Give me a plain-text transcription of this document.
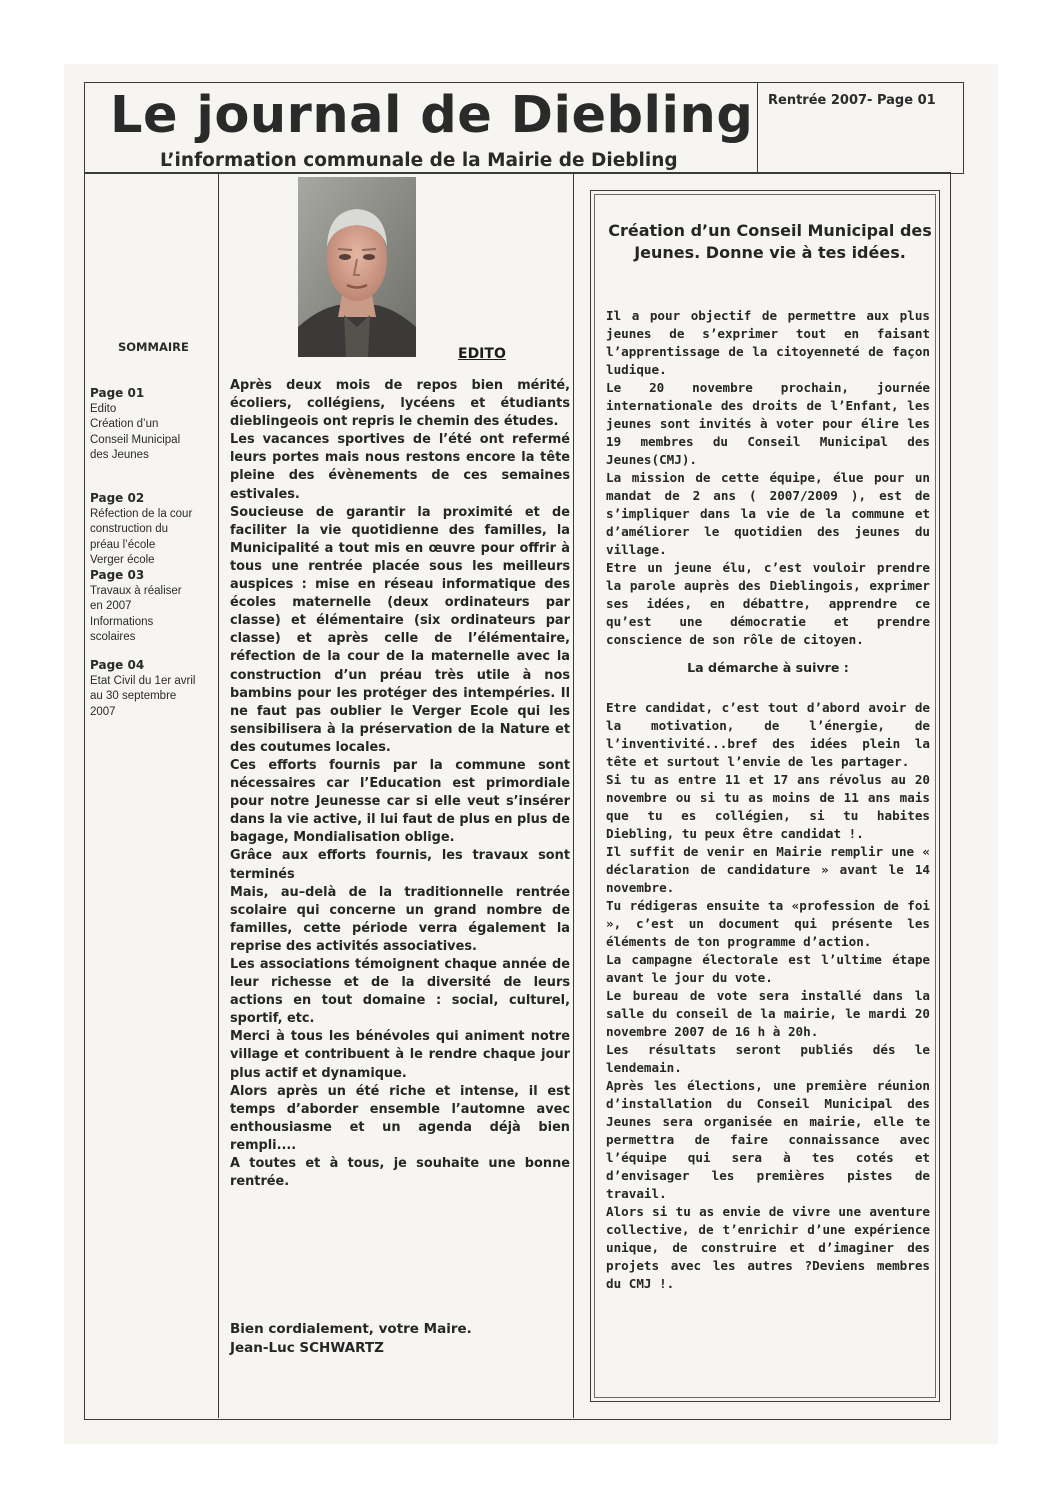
Le journal de Diebling
L’information communale de la Mairie de Diebling
Rentrée 2007- Page 01
SOMMAIRE
Page 01
Edito
Création d’un
Conseil Municipal
des Jeunes
Page 02
Réfection de la cour
construction du
préau l’école
Verger école
Page 03
Travaux à réaliser
en 2007
Informations
scolaires
Page 04
Etat Civil du 1er avril
au 30 septembre
2007
EDITO

Après deux mois de repos bien mérité, écoliers, collégiens, lycéens et étudiants dieblingeois ont repris le chemin des études.

Les vacances sportives de l’été ont refermé leurs portes mais nous restons encore la tête pleine des évènements de ces semaines estivales.

Soucieuse de garantir la proximité et de faciliter la vie quotidienne des familles, la Municipalité a tout mis en œuvre pour offrir à tous une rentrée placée sous les meilleurs auspices : mise en réseau informatique des écoles maternelle (deux ordinateurs par classe) et élémentaire (six ordinateurs par classe) et après celle de l’élémentaire, réfection de la cour de la maternelle avec la construction d’un préau très utile à nos bambins pour les protéger des intempéries. Il ne faut pas oublier le Verger Ecole qui les sensibilisera à la préservation de la Nature et des coutumes locales.

Ces efforts fournis par la commune sont nécessaires car l’Education est primordiale pour notre Jeunesse car si elle veut s’insérer dans la vie active, il lui faut de plus en plus de bagage, Mondialisation oblige.

Grâce aux efforts fournis, les travaux sont terminés

Mais, au–delà de la traditionnelle rentrée scolaire qui concerne un grand nombre de familles, cette période verra également la reprise des activités associatives.

Les associations témoignent chaque année de leur richesse et de la diversité de leurs actions en tout domaine : social, culturel, sportif, etc.

Merci à tous les bénévoles qui animent notre village et contribuent à le rendre chaque jour plus actif et dynamique.

Alors après un été riche et intense, il est temps d’aborder ensemble l’automne avec enthousiasme et un agenda déjà bien rempli....

A toutes et à tous, je souhaite une bonne rentrée.

Bien cordialement, votre Maire.

Jean-Luc SCHWARTZ

Création d’un Conseil Municipal des Jeunes. Donne vie à tes idées.

Il a pour objectif de permettre aux plus jeunes de s’exprimer tout en faisant l’apprentissage de la citoyenneté de façon ludique.

Le 20 novembre prochain, journée internationale des droits de l’Enfant, les jeunes sont invités à voter pour élire les 19 membres du Conseil Municipal des Jeunes(CMJ).

La mission de cette équipe, élue pour un mandat de 2 ans ( 2007/2009 ), est de s’impliquer dans la vie de la commune et d’améliorer le quotidien des jeunes du village.

Etre un jeune élu, c’est vouloir prendre la parole auprès des Dieblingois, exprimer ses idées, en débattre, apprendre ce qu’est une démocratie et prendre conscience de son rôle de citoyen.

La démarche à suivre :

Etre candidat, c’est tout d’abord avoir de la motivation, de l’énergie, de l’inventivité...bref des idées plein la tête et surtout l’envie de les partager.

Si tu as entre 11 et 17 ans révolus au 20 novembre ou si tu as moins de 11 ans mais que tu es collégien, si tu habites Diebling, tu peux être candidat !.

Il suffit de venir en Mairie remplir une « déclaration de candidature » avant le 14 novembre.

Tu rédigeras ensuite ta «profession de foi », c’est un document qui présente les éléments de ton programme d’action.

La campagne électorale est l’ultime étape avant le jour du vote.

Le bureau de vote sera installé dans la salle du conseil de la mairie, le mardi 20 novembre 2007 de 16 h à 20h.

Les résultats seront publiés dés le lendemain.

Après les élections, une première réunion d’installation du Conseil Municipal des Jeunes sera organisée en mairie, elle te permettra de faire connaissance avec l’équipe qui sera à tes cotés et d’envisager les premières pistes de travail.

Alors si tu as envie de vivre une aventure collective, de t’enrichir d’une expérience unique, de construire et d’imaginer des projets avec les autres ?Deviens membres du CMJ !.
